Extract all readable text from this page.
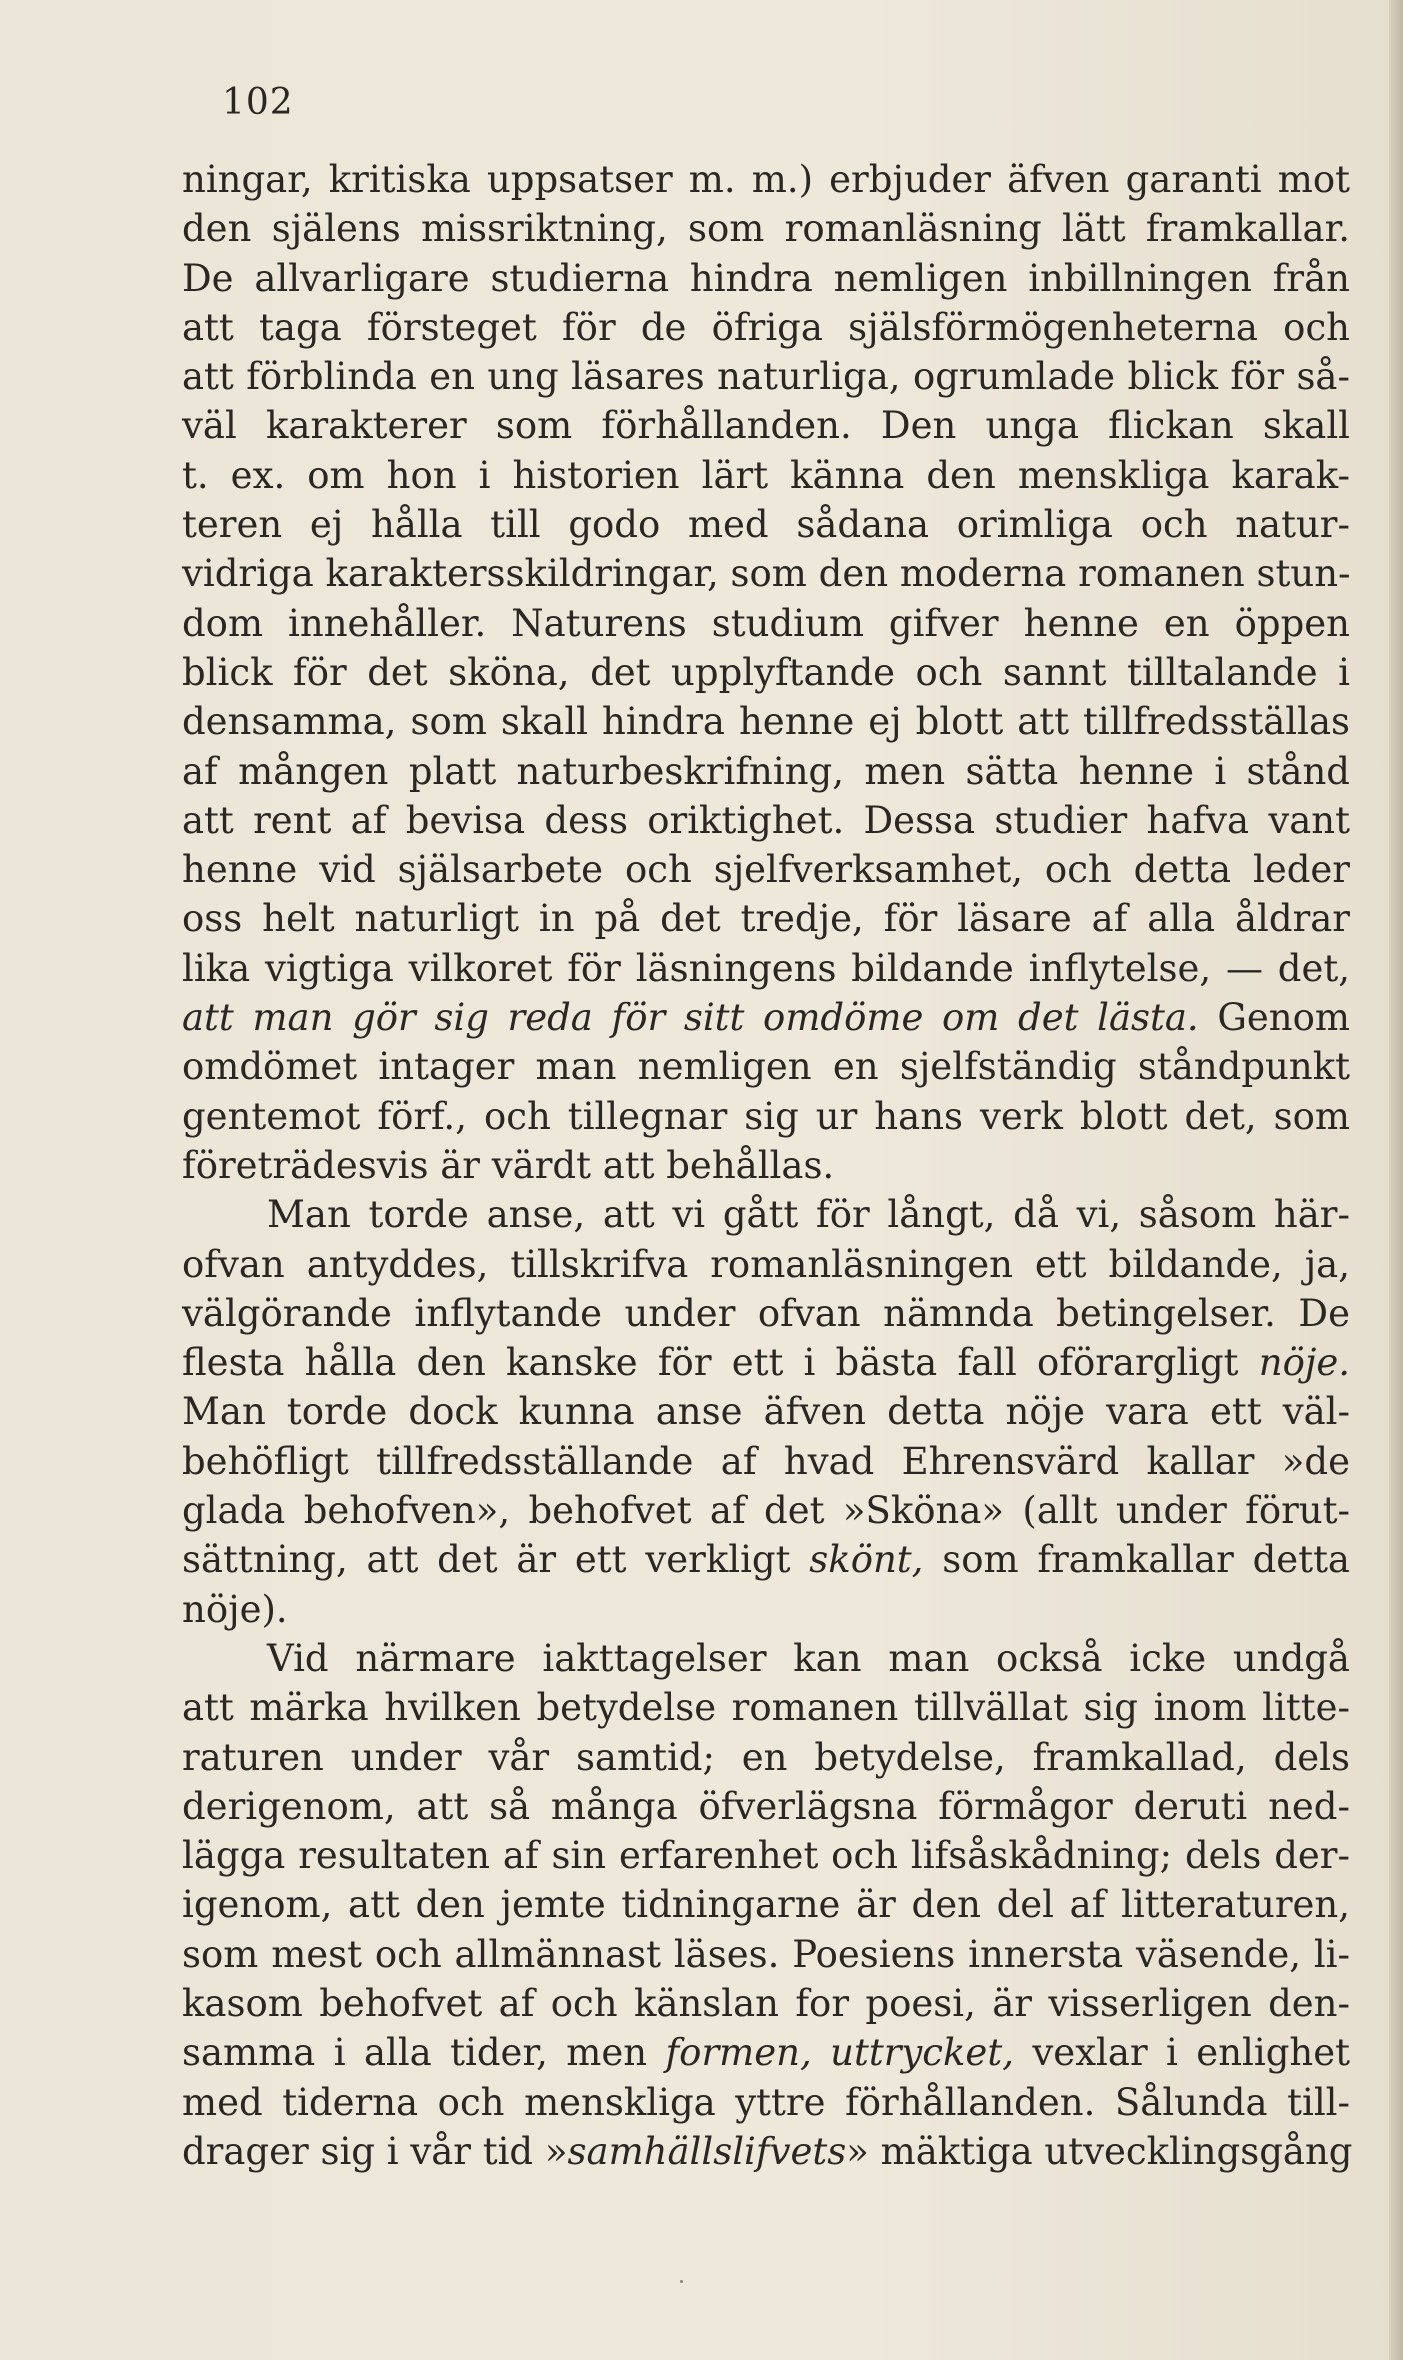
102
ningar, kritiska uppsatser m. m.) erbjuder äfven garanti mot
den själens missriktning, som romanläsning lätt framkallar.
De allvarligare studierna hindra nemligen inbillningen från
att taga försteget för de öfriga själsförmögenheterna och
att förblinda en ung läsares naturliga, ogrumlade blick för så-
väl karakterer som förhållanden. Den unga flickan skall
t. ex. om hon i historien lärt känna den menskliga karak-
teren ej hålla till godo med sådana orimliga och natur-
vidriga karaktersskildringar, som den moderna romanen stun-
dom innehåller. Naturens studium gifver henne en öppen
blick för det sköna, det upplyftande och sannt tilltalande i
densamma, som skall hindra henne ej blott att tillfredsställas
af mången platt naturbeskrifning, men sätta henne i stånd
att rent af bevisa dess oriktighet. Dessa studier hafva vant
henne vid själsarbete och sjelfverksamhet, och detta leder
oss helt naturligt in på det tredje, för läsare af alla åldrar
lika vigtiga vilkoret för läsningens bildande inflytelse, — det,
att man gör sig reda för sitt omdöme om det lästa. Genom
omdömet intager man nemligen en sjelfständig ståndpunkt
gentemot förf., och tillegnar sig ur hans verk blott det, som
företrädesvis är värdt att behållas.
Man torde anse, att vi gått för långt, då vi, såsom här-
ofvan antyddes, tillskrifva romanläsningen ett bildande, ja,
välgörande inflytande under ofvan nämnda betingelser. De
flesta hålla den kanske för ett i bästa fall oförargligt nöje.
Man torde dock kunna anse äfven detta nöje vara ett väl-
behöfligt tillfredsställande af hvad Ehrensvärd kallar »de
glada behofven», behofvet af det »Sköna» (allt under förut-
sättning, att det är ett verkligt skönt, som framkallar detta
nöje).
Vid närmare iakttagelser kan man också icke undgå
att märka hvilken betydelse romanen tillvällat sig inom litte-
raturen under vår samtid; en betydelse, framkallad, dels
derigenom, att så många öfverlägsna förmågor deruti ned-
lägga resultaten af sin erfarenhet och lifsåskådning; dels der-
igenom, att den jemte tidningarne är den del af litteraturen,
som mest och allmännast läses. Poesiens innersta väsende, li-
kasom behofvet af och känslan for poesi, är visserligen den-
samma i alla tider, men formen, uttrycket, vexlar i enlighet
med tiderna och menskliga yttre förhållanden. Sålunda till-
drager sig i vår tid »samhällslifvets» mäktiga utvecklingsgång
